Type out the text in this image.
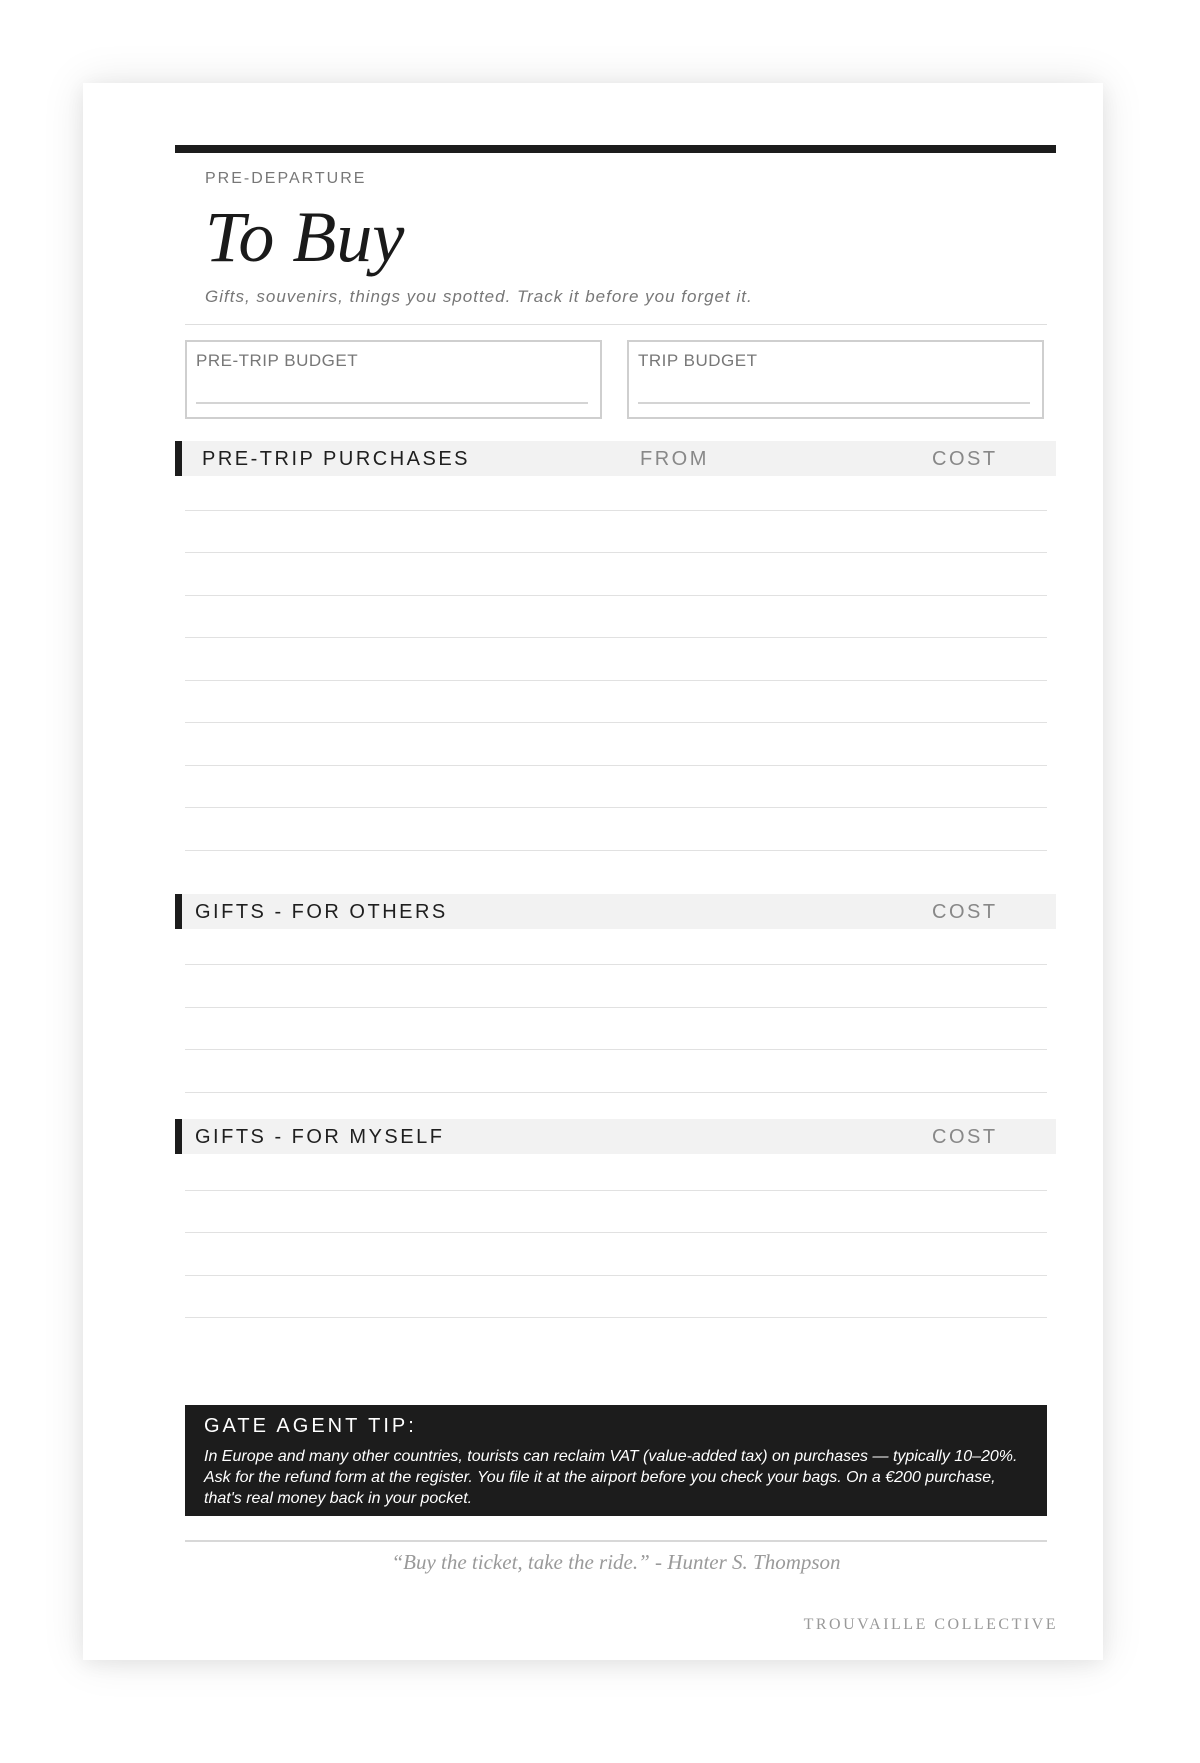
PRE-DEPARTURE
To Buy
Gifts, souvenirs, things you spotted. Track it before you forget it.
PRE-TRIP BUDGET	TRIP BUDGET
PRE-TRIP PURCHASES	FROM	COST
GIFTS - FOR OTHERS	COST
GIFTS - FOR MYSELF	COST
GATE AGENT TIP:
In Europe and many other countries, tourists can reclaim VAT (value-added tax) on purchases — typically 10–20%. Ask for the refund form at the register. You file it at the airport before you check your bags. On a €200 purchase, that's real money back in your pocket.
“Buy the ticket, take the ride.” - Hunter S. Thompson
TROUVAILLE COLLECTIVE
